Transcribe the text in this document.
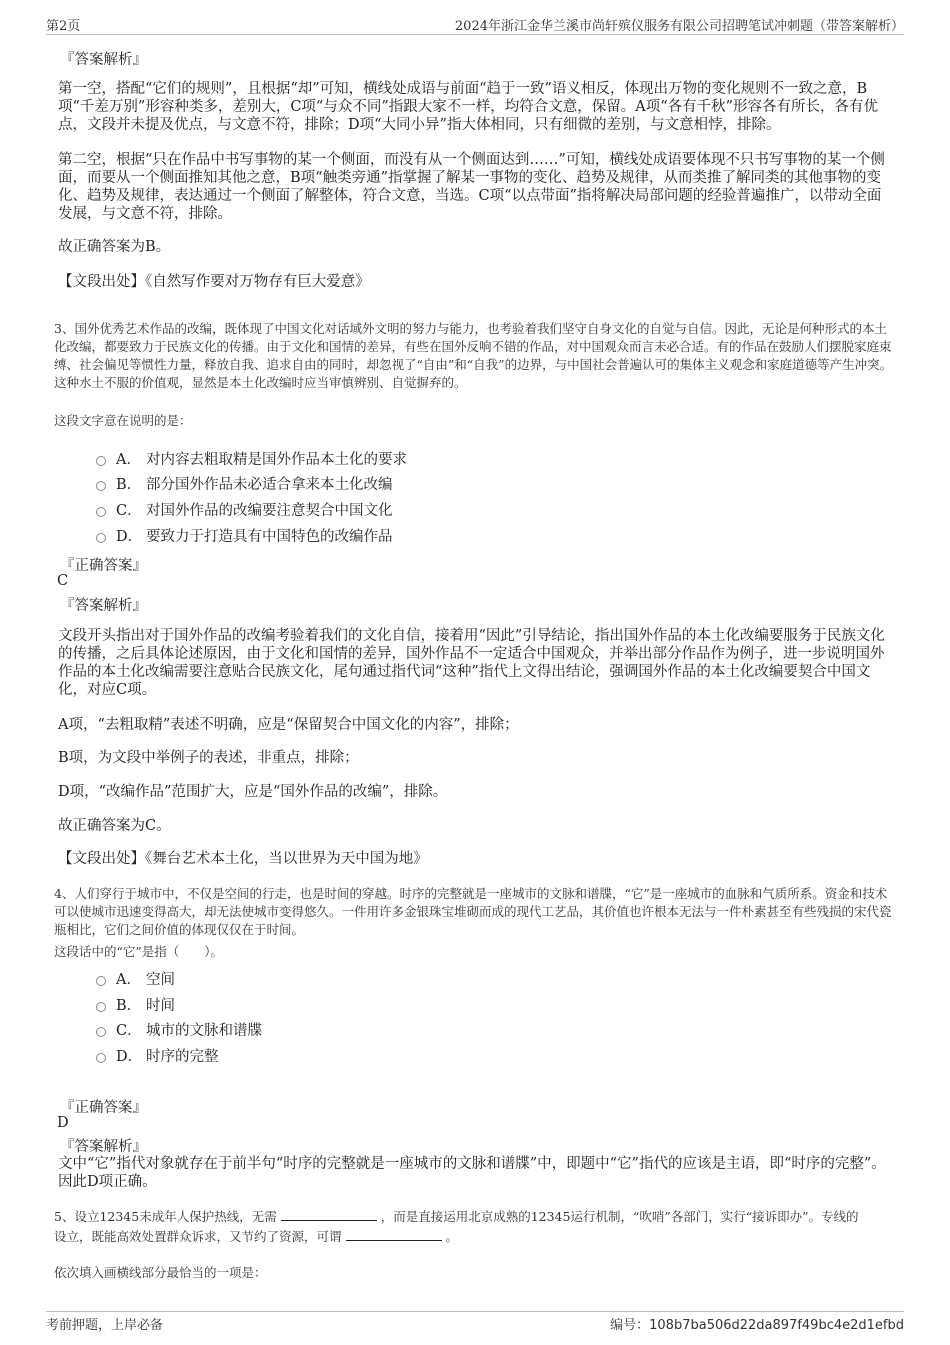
第2页	2024年浙江金华兰溪市尚轩殡仪服务有限公司招聘笔试冲刺题（带答案解析）
『答案解析』
第一空，搭配“它们的规则”，且根据“却”可知，横线处成语与前面“趋于一致”语义相反，体现出万物的变化规则不一致之意，B项“千差万别”形容种类多，差别大，C项“与众不同”指跟大家不一样，均符合文意，保留。A项“各有千秋”形容各有所长，各有优点，文段并未提及优点，与文意不符，排除；D项“大同小异”指大体相同，只有细微的差别，与文意相悖，排除。
第二空，根据“只在作品中书写事物的某一个侧面，而没有从一个侧面达到……”可知，横线处成语要体现不只书写事物的某一个侧面，而要从一个侧面推知其他之意，B项“触类旁通”指掌握了解某一事物的变化、趋势及规律，从而类推了解同类的其他事物的变化、趋势及规律，表达通过一个侧面了解整体，符合文意，当选。C项“以点带面”指将解决局部问题的经验普遍推广，以带动全面发展，与文意不符，排除。
故正确答案为B。
【文段出处】《自然写作要对万物存有巨大爱意》
3、国外优秀艺术作品的改编，既体现了中国文化对话域外文明的努力与能力，也考验着我们坚守自身文化的自觉与自信。因此，无论是何种形式的本土化改编，都要致力于民族文化的传播。由于文化和国情的差异，有些在国外反响不错的作品，对中国观众而言未必合适。有的作品在鼓励人们摆脱家庭束缚、社会偏见等惯性力量，释放自我、追求自由的同时，却忽视了“自由”和“自我”的边界，与中国社会普遍认可的集体主义观念和家庭道德等产生冲突。这种水土不服的价值观，显然是本土化改编时应当审慎辨别、自觉摒弃的。
这段文字意在说明的是：
A． 对内容去粗取精是国外作品本土化的要求
B． 部分国外作品未必适合拿来本土化改编
C． 对国外作品的改编要注意契合中国文化
D． 要致力于打造具有中国特色的改编作品
『正确答案』
C
『答案解析』
文段开头指出对于国外作品的改编考验着我们的文化自信，接着用“因此”引导结论，指出国外作品的本土化改编要服务于民族文化的传播，之后具体论述原因，由于文化和国情的差异，国外作品不一定适合中国观众，并举出部分作品作为例子，进一步说明国外作品的本土化改编需要注意贴合民族文化，尾句通过指代词“这种”指代上文得出结论，强调国外作品的本土化改编要契合中国文化，对应C项。
A项，“去粗取精”表述不明确，应是“保留契合中国文化的内容”，排除；
B项，为文段中举例子的表述，非重点，排除；
D项，“改编作品”范围扩大，应是“国外作品的改编”，排除。
故正确答案为C。
【文段出处】《舞台艺术本土化，当以世界为天中国为地》
4、人们穿行于城市中，不仅是空间的行走，也是时间的穿越。时序的完整就是一座城市的文脉和谱牒，“它”是一座城市的血脉和气质所系。资金和技术可以使城市迅速变得高大，却无法使城市变得悠久。一件用许多金银珠宝堆砌而成的现代工艺品，其价值也许根本无法与一件朴素甚至有些残损的宋代瓷瓶相比，它们之间价值的体现仅仅在于时间。
这段话中的“它”是指（　　）。
A． 空间
B． 时间
C． 城市的文脉和谱牒
D． 时序的完整
『正确答案』
D
『答案解析』
文中“它”指代对象就存在于前半句“时序的完整就是一座城市的文脉和谱牒”中，即题中“它”指代的应该是主语，即“时序的完整”。因此D项正确。
5、设立12345未成年人保护热线，无需	，而是直接运用北京成熟的12345运行机制，“吹哨”各部门，实行“接诉即办”。专线的
设立，既能高效处置群众诉求，又节约了资源，可谓	。
依次填入画横线部分最恰当的一项是：
考前押题，上岸必备	编号：108b7ba506d22da897f49bc4e2d1efbd
